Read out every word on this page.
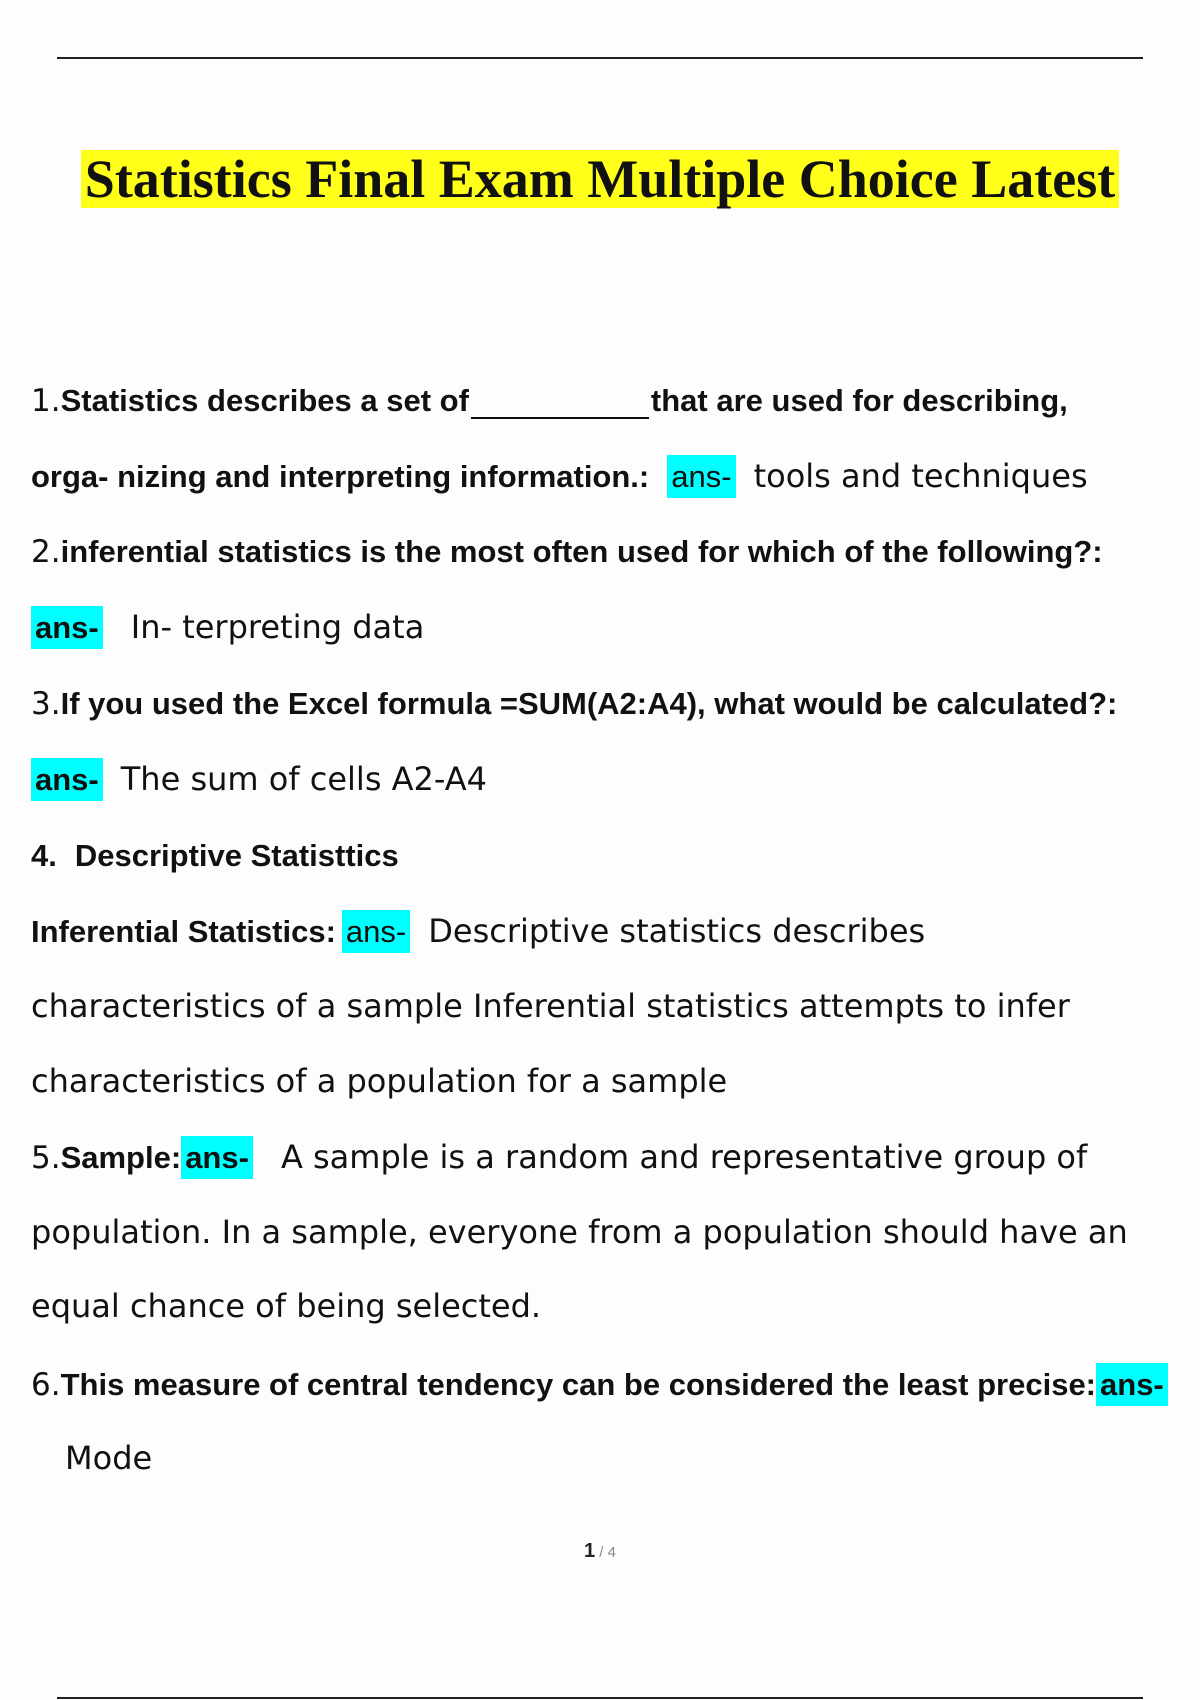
Statistics Final Exam Multiple Choice Latest
1.Statistics describes a set of	that are used for describing,
orga- nizing and interpreting information.: ans- tools and techniques
2.inferential statistics is the most often used for which of the following?:
ans- In- terpreting data
3.If you used the Excel formula =SUM(A2:A4), what would be calculated?:
ans- The sum of cells A2-A4
4. Descriptive Statisttics
Inferential Statistics: ans- Descriptive statistics describes
characteristics of a sample Inferential statistics attempts to infer
characteristics of a population for a sample
5.Sample: ans- A sample is a random and representative group of
population. In a sample, everyone from a population should have an
equal chance of being selected.
6.This measure of central tendency can be considered the least precise: ans-
Mode
1 / 4
